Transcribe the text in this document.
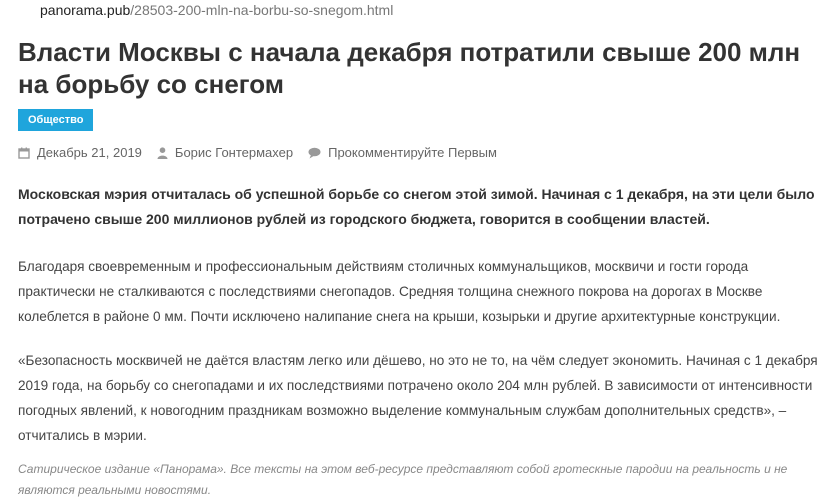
panorama.pub/28503-200-mln-na-borbu-so-snegom.html
Власти Москвы с начала декабря потратили свыше 200 млн на борьбу со снегом
Общество
Декабрь 21, 2019	Борис Гонтермахер	Прокомментируйте Первым

Московская мэрия отчиталась об успешной борьбе со снегом этой зимой. Начиная с 1 декабря, на эти цели было потрачено свыше 200 миллионов рублей из городского бюджета, говорится в сообщении властей.

Благодаря своевременным и профессиональным действиям столичных коммунальщиков, москвичи и гости города практически не сталкиваются с последствиями снегопадов. Средняя толщина снежного покрова на дорогах в Москве колеблется в районе 0 мм. Почти исключено налипание снега на крыши, козырьки и другие архитектурные конструкции.

«Безопасность москвичей не даётся властям легко или дёшево, но это не то, на чём следует экономить. Начиная с 1 декабря 2019 года, на борьбу со снегопадами и их последствиями потрачено около 204 млн рублей. В зависимости от интенсивности погодных явлений, к новогодним праздникам возможно выделение коммунальным службам дополнительных средств», – отчитались в мэрии.

Сатирическое издание «Панорама». Все тексты на этом веб-ресурсе представляют собой гротескные пародии на реальность и не являются реальными новостями.
